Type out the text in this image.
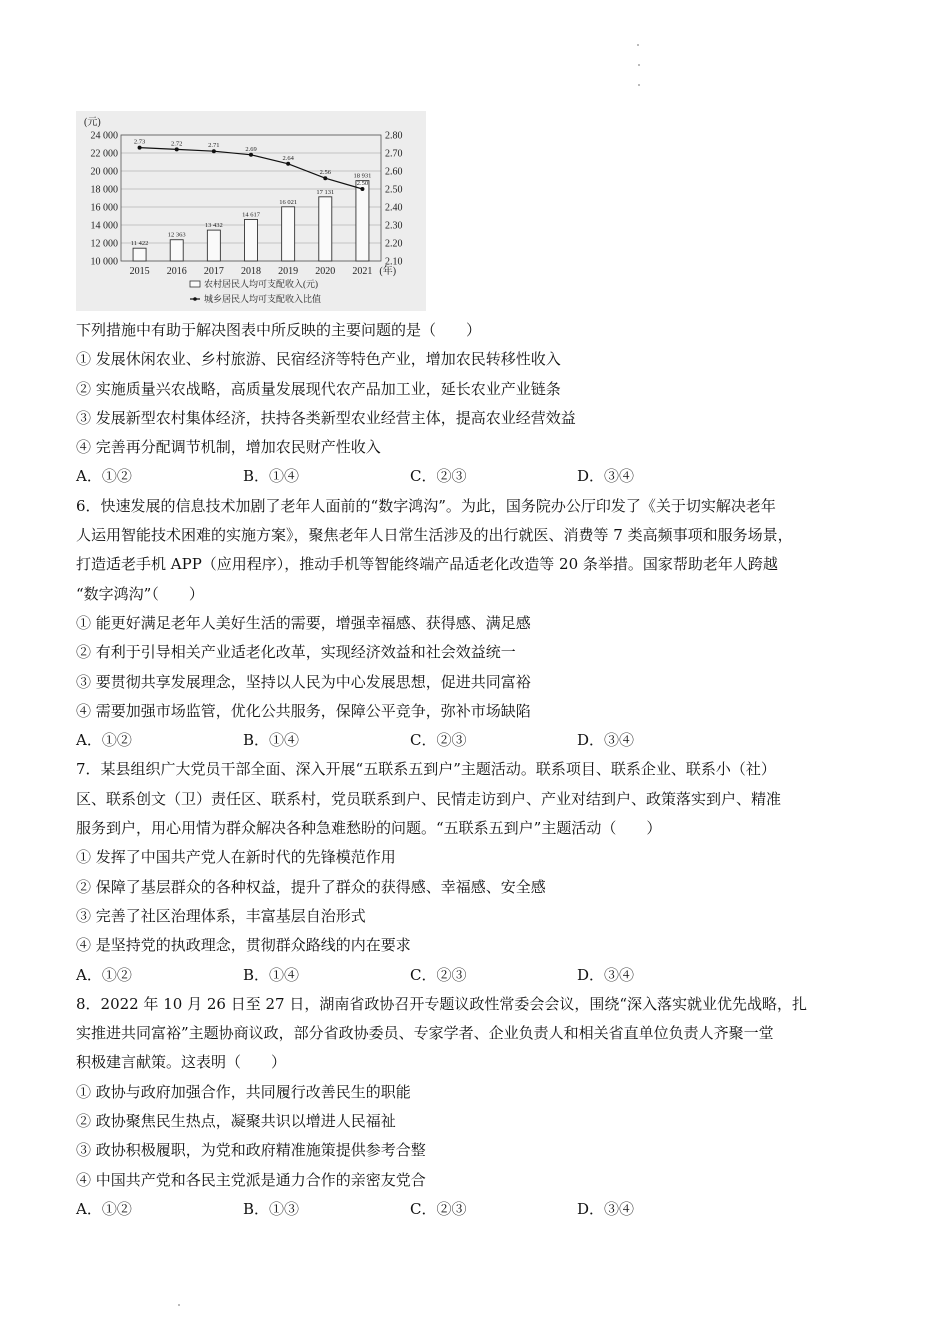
24 000
22 000
20 000
18 000
16 000
14 000
12 000
10 000
2.80
2.70
2.60
2.50
2.40
2.30
2.20
2.10
(元)
11 422
12 363
13 432
14 617
16 021
17 131
18 931
2.73	2.72	2.71
2.69
2.64
2.56
2.50
2015 2016 2017 2018 2019 2020 2021 (年)
农村居民人均可支配收入(元)
城乡居民人均可支配收入比值
下列措施中有助于解决图表中所反映的主要问题的是（　　）
① 发展休闲农业、乡村旅游、民宿经济等特色产业，增加农民转移性收入
② 实施质量兴农战略，高质量发展现代农产品加工业，延长农业产业链条
③ 发展新型农村集体经济，扶持各类新型农业经营主体，提高农业经营效益
④ 完善再分配调节机制，增加农民财产性收入
A．①②	B．①④	C．②③	D．③④
6．快速发展的信息技术加剧了老年人面前的“数字鸿沟”。为此，国务院办公厅印发了《关于切实解决老年
人运用智能技术困难的实施方案》，聚焦老年人日常生活涉及的出行就医、消费等 7 类高频事项和服务场景，
打造适老手机 APP（应用程序），推动手机等智能终端产品适老化改造等 20 条举措。国家帮助老年人跨越
“数字鸿沟”（　　）
① 能更好满足老年人美好生活的需要，增强幸福感、获得感、满足感
② 有利于引导相关产业适老化改革，实现经济效益和社会效益统一
③ 要贯彻共享发展理念，坚持以人民为中心发展思想，促进共同富裕
④ 需要加强市场监管，优化公共服务，保障公平竞争，弥补市场缺陷
A．①②	B．①④	C．②③	D．③④
7．某县组织广大党员干部全面、深入开展“五联系五到户”主题活动。联系项目、联系企业、联系小（社）
区、联系创文（卫）责任区、联系村，党员联系到户、民情走访到户、产业对结到户、政策落实到户、精准
服务到户，用心用情为群众解决各种急难愁盼的问题。“五联系五到户”主题活动（　　）
① 发挥了中国共产党人在新时代的先锋模范作用
② 保障了基层群众的各种权益，提升了群众的获得感、幸福感、安全感
③ 完善了社区治理体系，丰富基层自治形式
④ 是坚持党的执政理念，贯彻群众路线的内在要求
A．①②	B．①④	C．②③	D．③④
8．2022 年 10 月 26 日至 27 日，湖南省政协召开专题议政性常委会会议，围绕“深入落实就业优先战略，扎
实推进共同富裕”主题协商议政，部分省政协委员、专家学者、企业负责人和相关省直单位负责人齐聚一堂
积极建言献策。这表明（　　）
① 政协与政府加强合作，共同履行改善民生的职能
② 政协聚焦民生热点，凝聚共识以增进人民福祉
③ 政协积极履职，为党和政府精准施策提供参考合整
④ 中国共产党和各民主党派是通力合作的亲密友党合
A．①②	B．①③	C．②③	D．③④
